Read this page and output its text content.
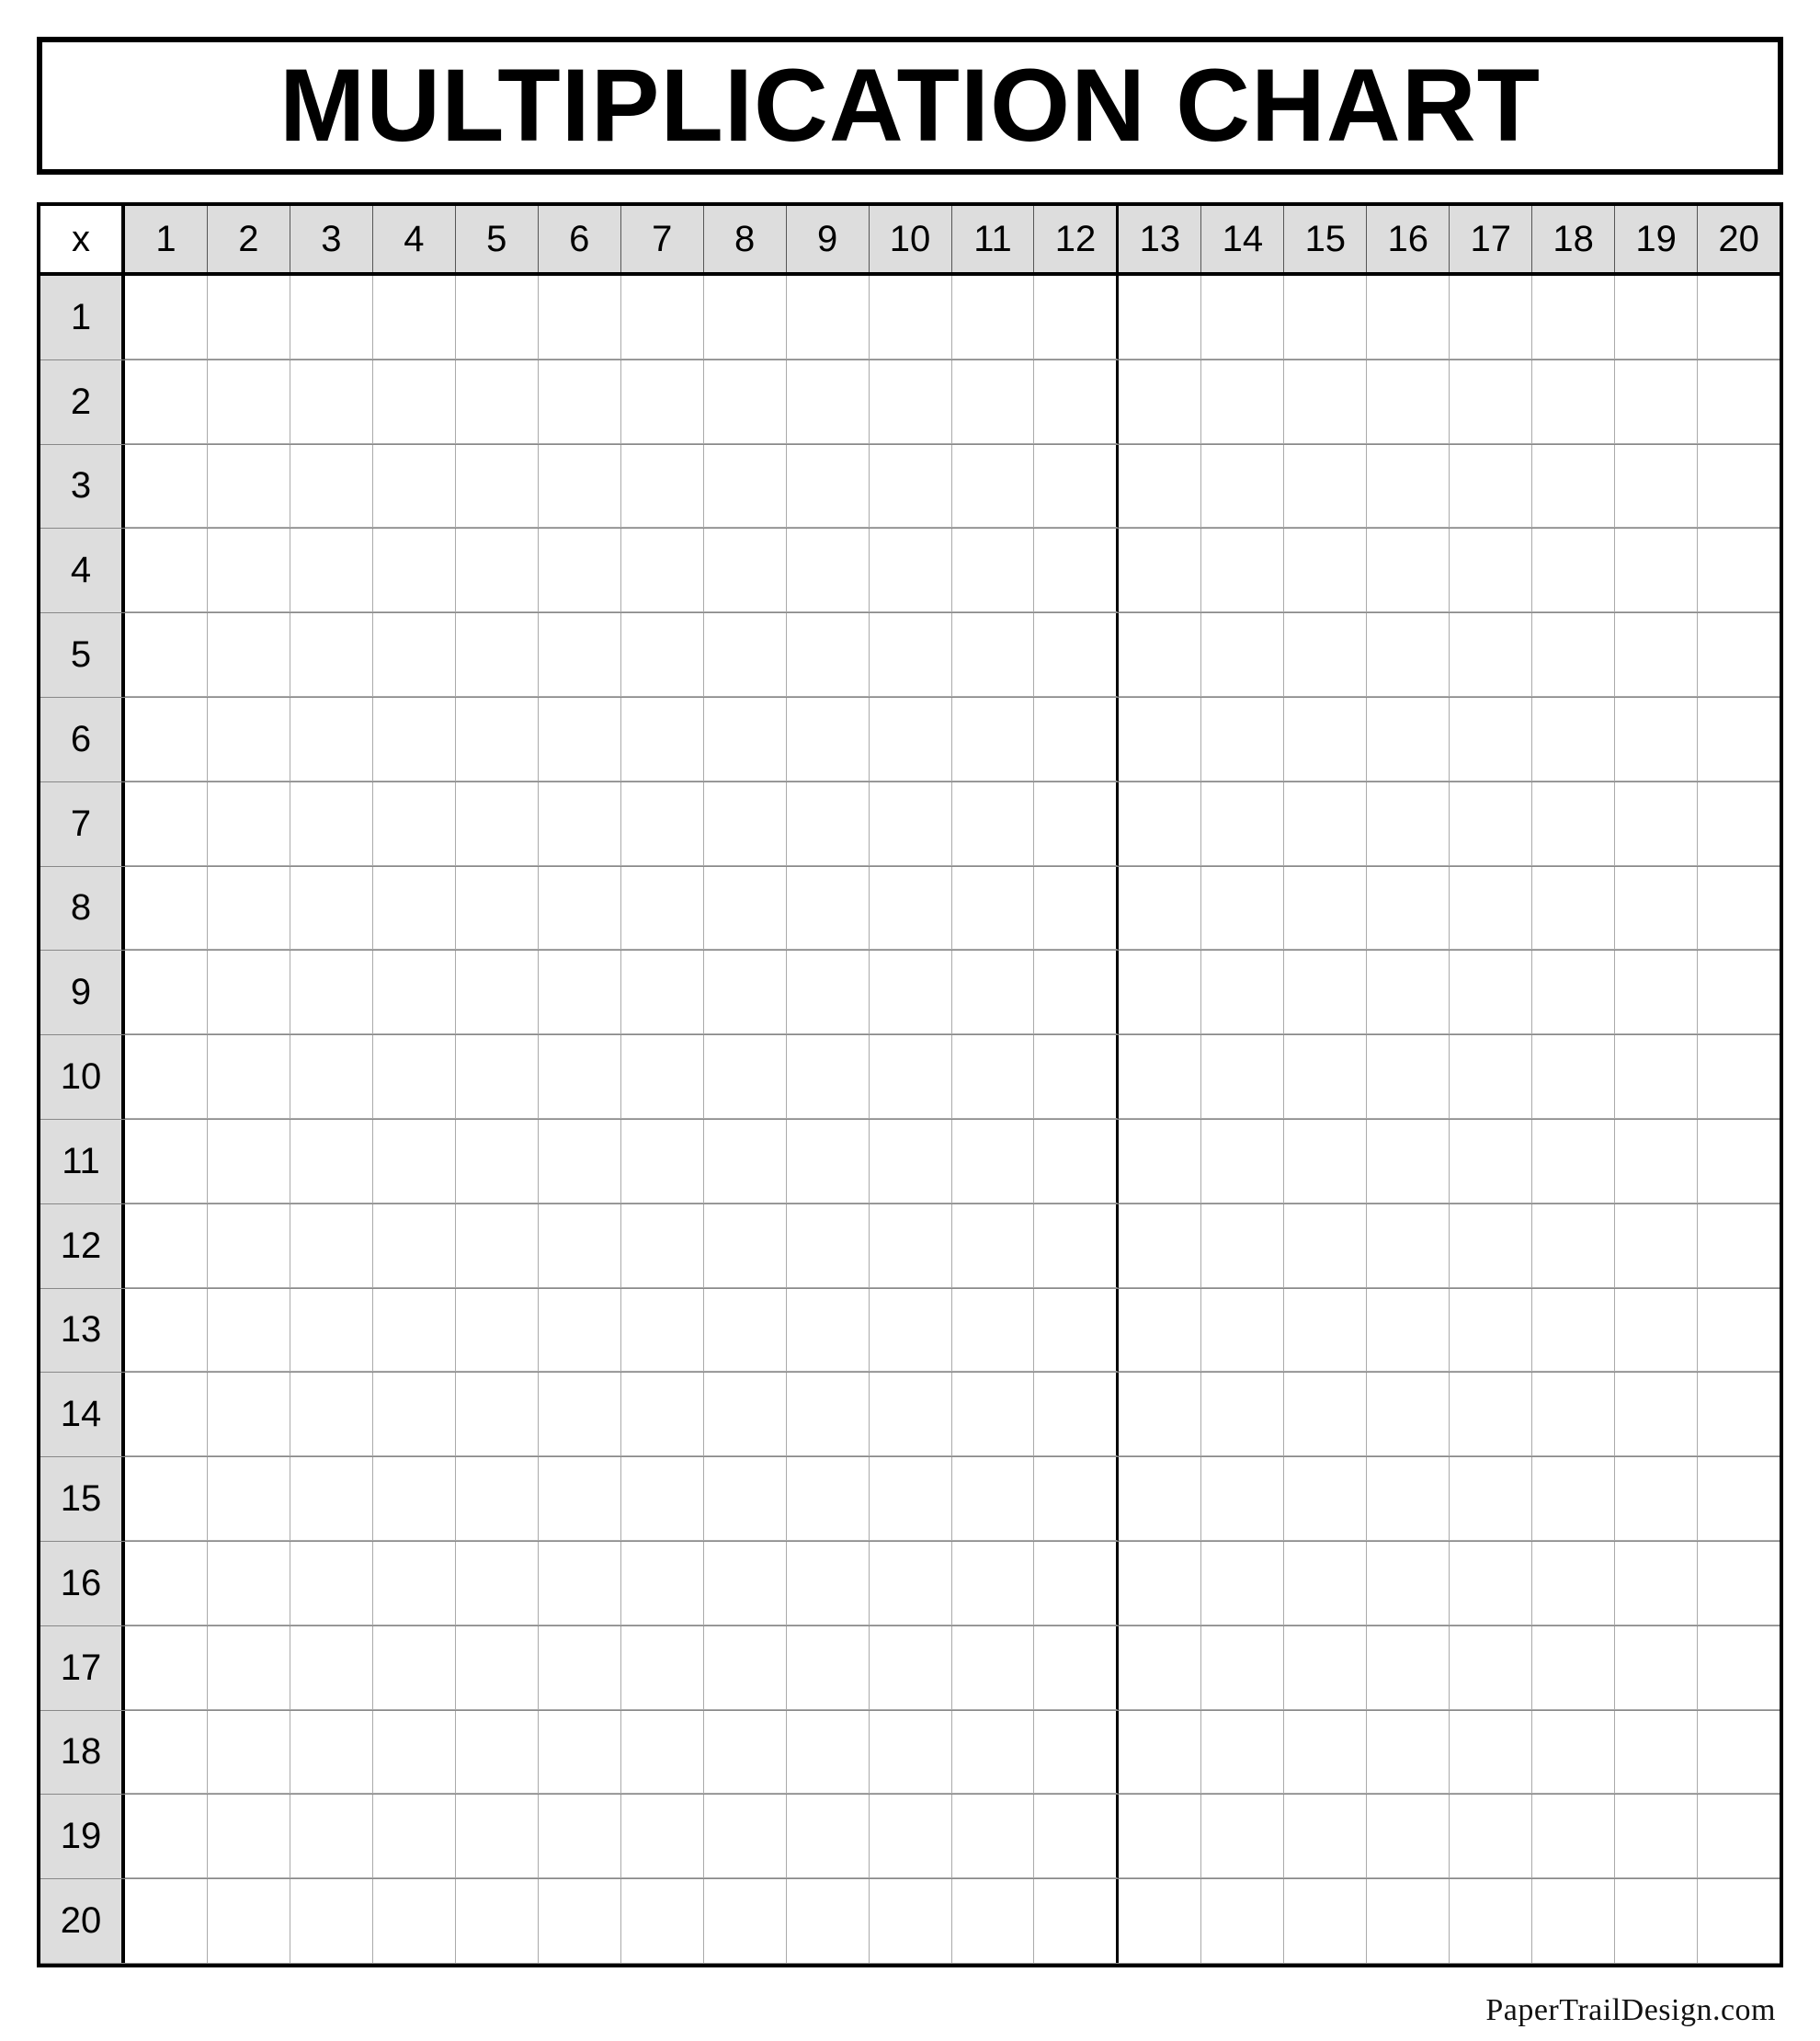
MULTIPLICATION CHART
x	1	2	3	4	5	6	7	8	9	10	11	12	13	14	15	16	17	18	19	20
1
2
3
4
5
6
7
8
9
10
11
12
13
14
15
16
17
18
19
20
PaperTrailDesign.com
